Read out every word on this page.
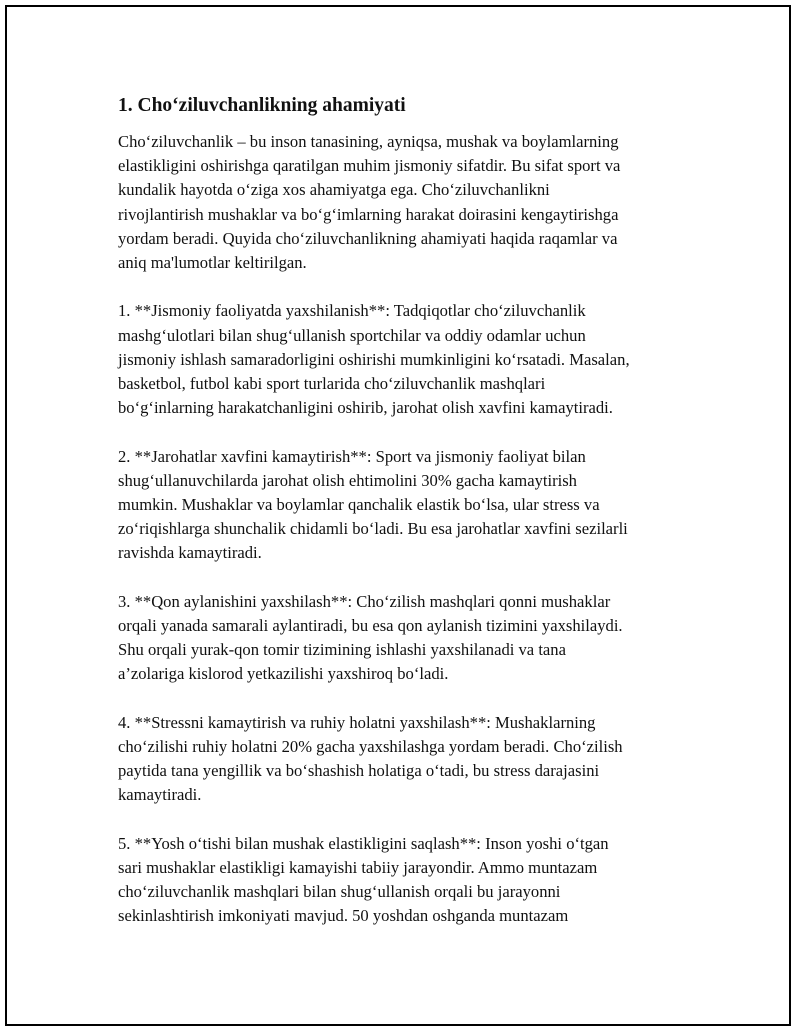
1. Cho‘ziluvchanlikning ahamiyati

Cho‘ziluvchanlik – bu inson tanasining, ayniqsa, mushak va boylamlarning
elastikligini oshirishga qaratilgan muhim jismoniy sifatdir. Bu sifat sport va
kundalik hayotda o‘ziga xos ahamiyatga ega. Cho‘ziluvchanlikni
rivojlantirish mushaklar va bo‘g‘imlarning harakat doirasini kengaytirishga
yordam beradi. Quyida cho‘ziluvchanlikning ahamiyati haqida raqamlar va
aniq ma'lumotlar keltirilgan.

1. **Jismoniy faoliyatda yaxshilanish**: Tadqiqotlar cho‘ziluvchanlik
mashg‘ulotlari bilan shug‘ullanish sportchilar va oddiy odamlar uchun
jismoniy ishlash samaradorligini oshirishi mumkinligini ko‘rsatadi. Masalan,
basketbol, futbol kabi sport turlarida cho‘ziluvchanlik mashqlari
bo‘g‘inlarning harakatchanligini oshirib, jarohat olish xavfini kamaytiradi.

2. **Jarohatlar xavfini kamaytirish**: Sport va jismoniy faoliyat bilan
shug‘ullanuvchilarda jarohat olish ehtimolini 30% gacha kamaytirish
mumkin. Mushaklar va boylamlar qanchalik elastik bo‘lsa, ular stress va
zo‘riqishlarga shunchalik chidamli bo‘ladi. Bu esa jarohatlar xavfini sezilarli
ravishda kamaytiradi.

3. **Qon aylanishini yaxshilash**: Cho‘zilish mashqlari qonni mushaklar
orqali yanada samarali aylantiradi, bu esa qon aylanish tizimini yaxshilaydi.
Shu orqali yurak-qon tomir tizimining ishlashi yaxshilanadi va tana
a’zolariga kislorod yetkazilishi yaxshiroq bo‘ladi.

4. **Stressni kamaytirish va ruhiy holatni yaxshilash**: Mushaklarning
cho‘zilishi ruhiy holatni 20% gacha yaxshilashga yordam beradi. Cho‘zilish
paytida tana yengillik va bo‘shashish holatiga o‘tadi, bu stress darajasini
kamaytiradi.

5. **Yosh o‘tishi bilan mushak elastikligini saqlash**: Inson yoshi o‘tgan
sari mushaklar elastikligi kamayishi tabiiy jarayondir. Ammo muntazam
cho‘ziluvchanlik mashqlari bilan shug‘ullanish orqali bu jarayonni
sekinlashtirish imkoniyati mavjud. 50 yoshdan oshganda muntazam
